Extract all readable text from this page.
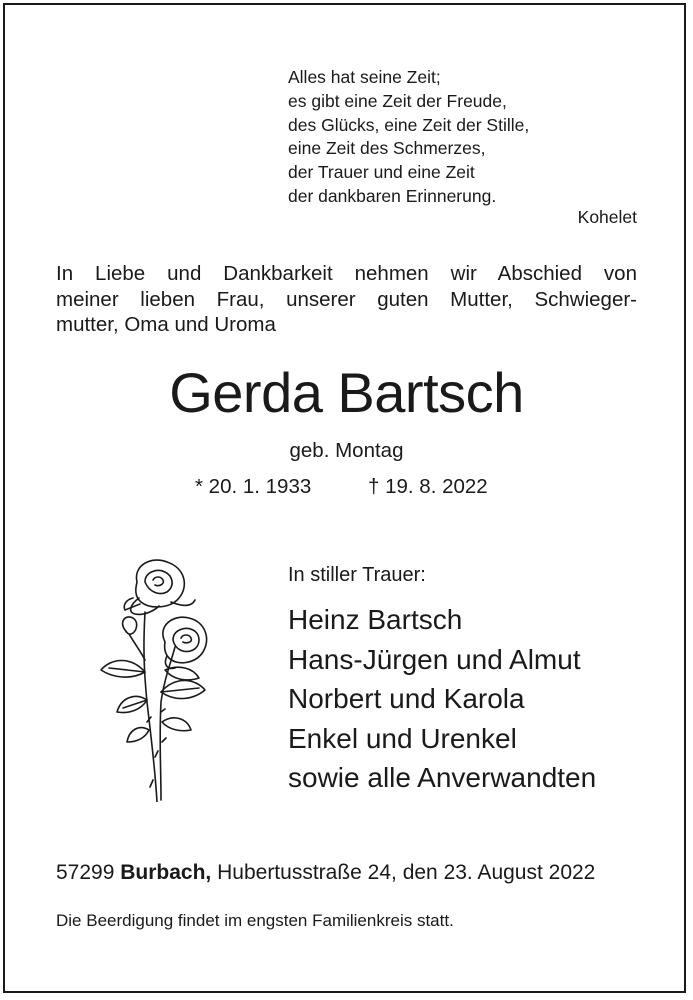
Alles hat seine Zeit;
es gibt eine Zeit der Freude,
des Glücks, eine Zeit der Stille,
eine Zeit des Schmerzes,
der Trauer und eine Zeit
der dankbaren Erinnerung.
Kohelet
In Liebe und Dankbarkeit nehmen wir Abschied von
meiner lieben Frau, unserer guten Mutter, Schwieger-
mutter, Oma und Uroma
Gerda Bartsch
geb. Montag
* 20. 1. 1933	† 19. 8. 2022
In stiller Trauer:
Heinz Bartsch
Hans-Jürgen und Almut
Norbert und Karola
Enkel und Urenkel
sowie alle Anverwandten
57299 Burbach, Hubertusstraße 24, den 23. August 2022
Die Beerdigung findet im engsten Familienkreis statt.
